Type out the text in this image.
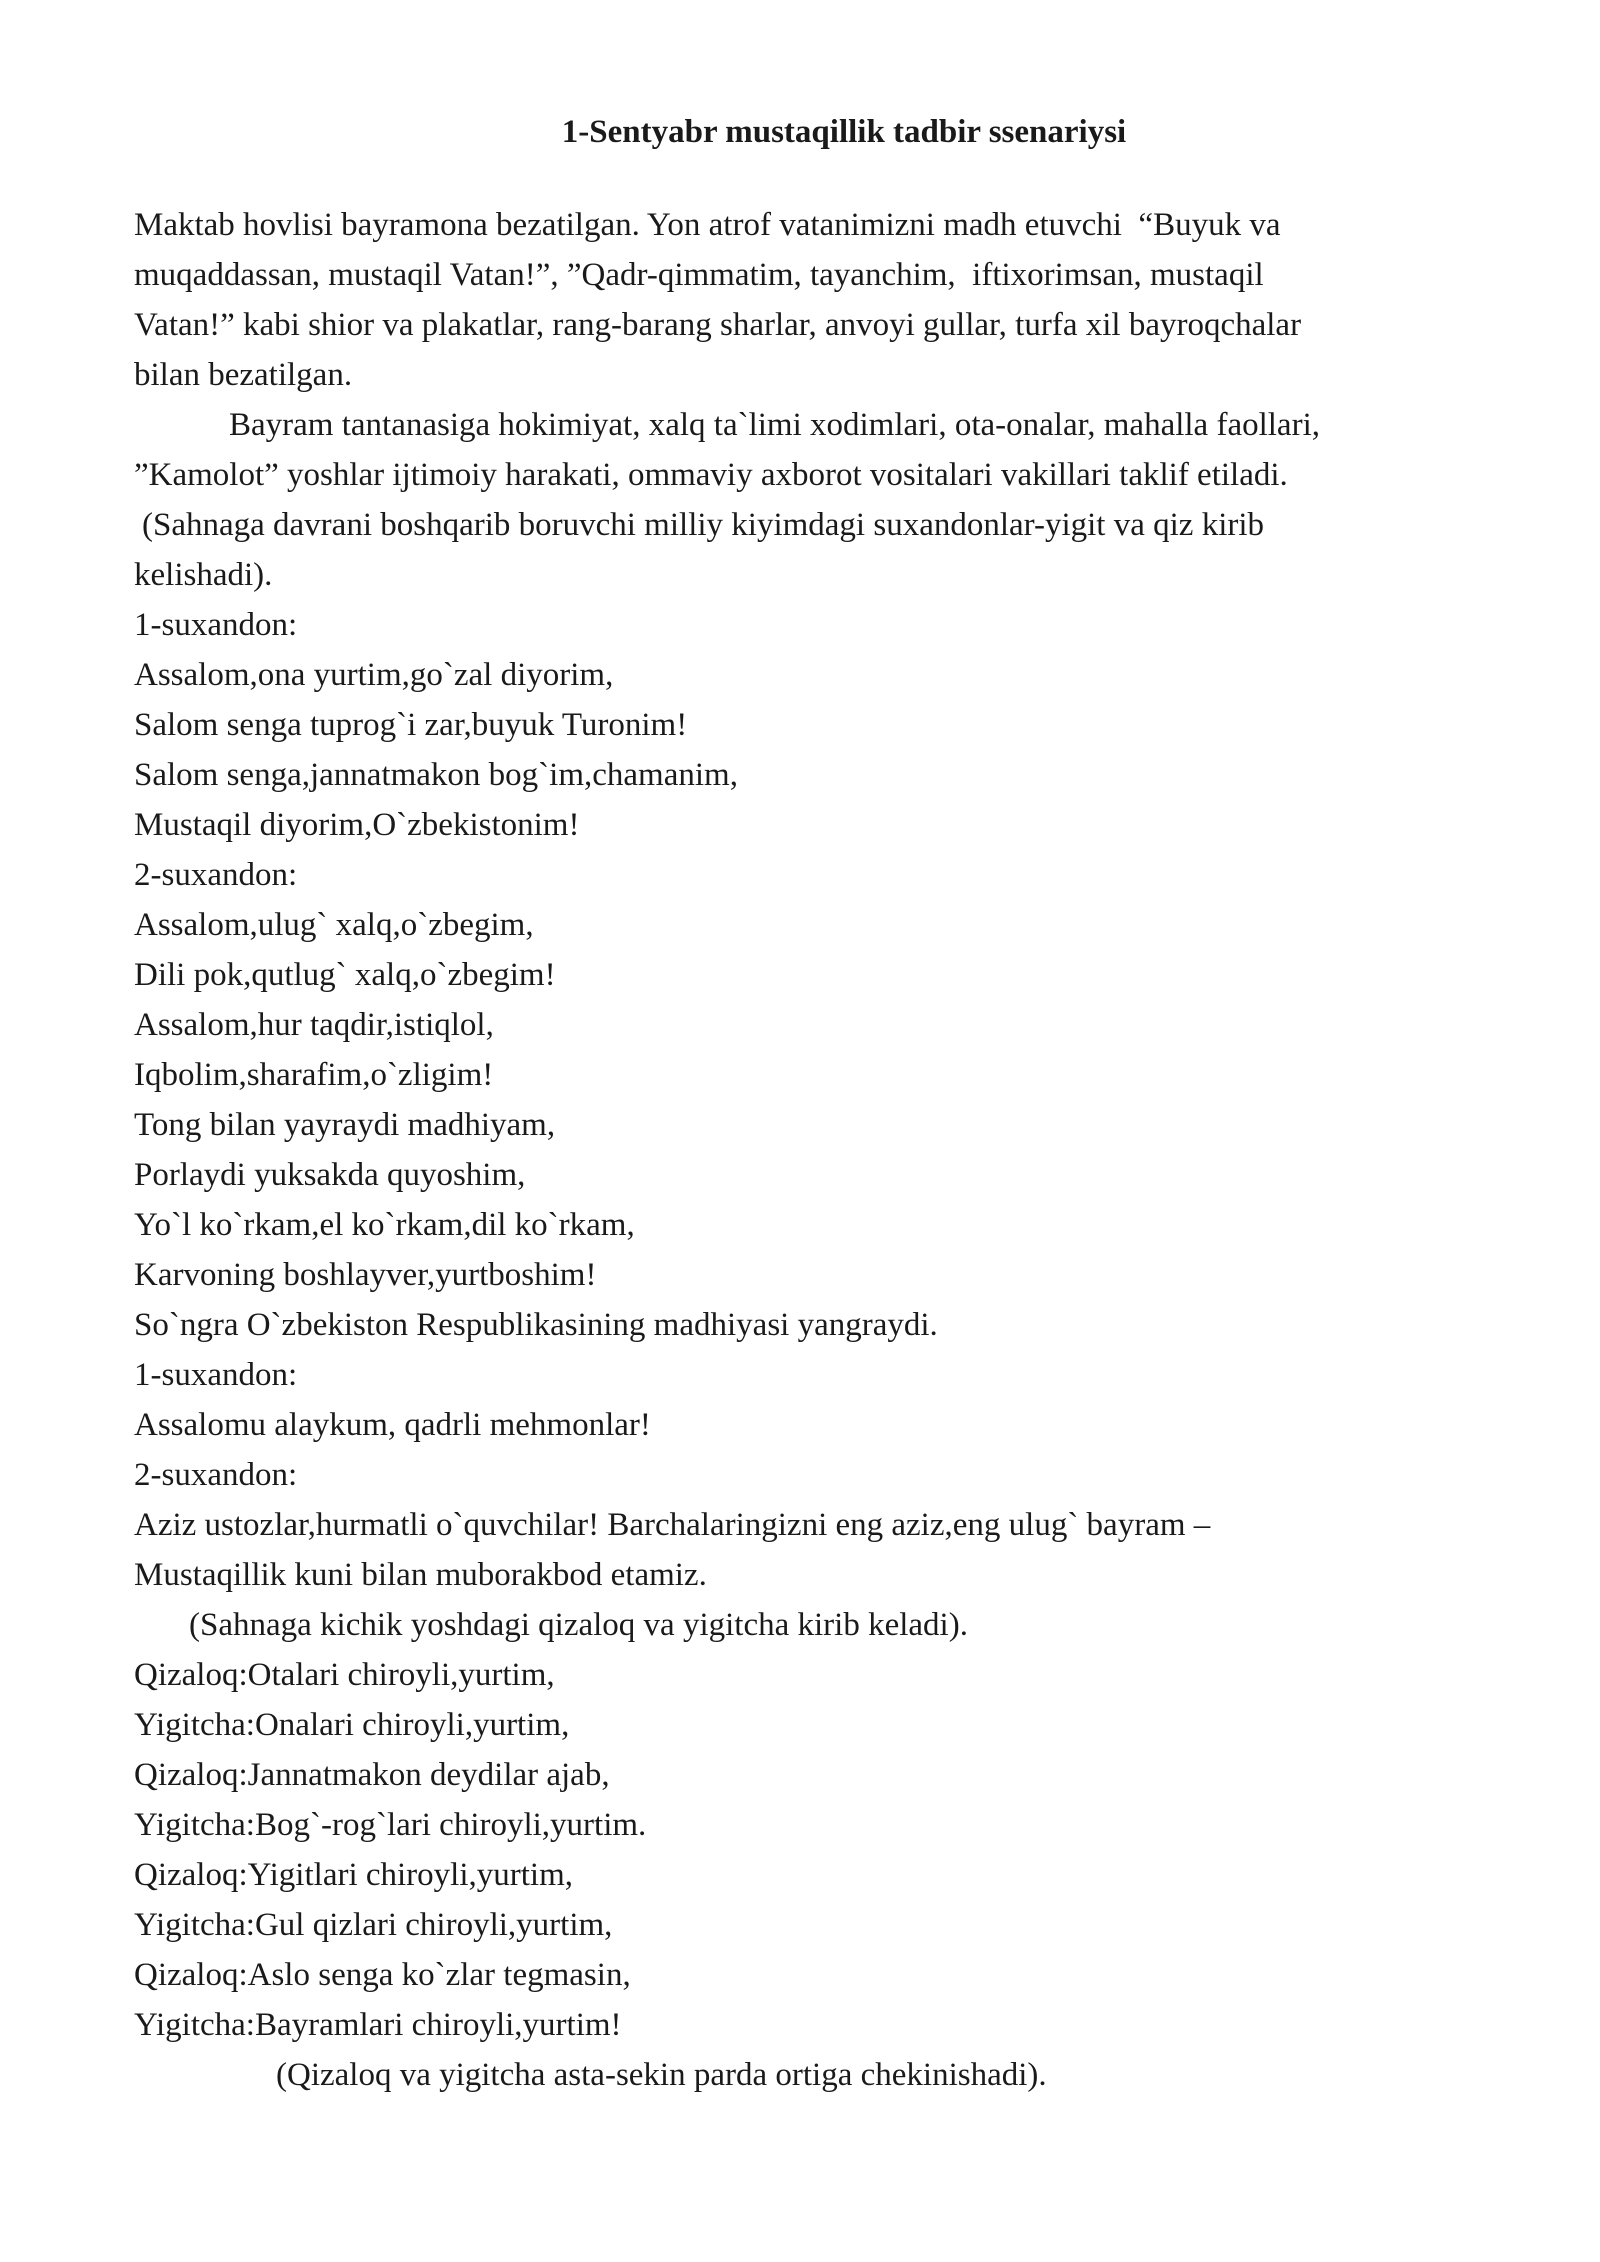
1-Sentyabr mustaqillik tadbir ssenariysi

Maktab hovlisi bayramona bezatilgan. Yon atrof vatanimizni madh etuvchi  “Buyuk va

muqaddassan, mustaqil Vatan!”, ”Qadr-qimmatim, tayanchim,  iftixorimsan, mustaqil

Vatan!” kabi shior va plakatlar, rang-barang sharlar, anvoyi gullar, turfa xil bayroqchalar

bilan bezatilgan.

Bayram tantanasiga hokimiyat, xalq ta`limi xodimlari, ota-onalar, mahalla faollari,

”Kamolot” yoshlar ijtimoiy harakati, ommaviy axborot vositalari vakillari taklif etiladi.

(Sahnaga davrani boshqarib boruvchi milliy kiyimdagi suxandonlar-yigit va qiz kirib

kelishadi).

1-suxandon:

Assalom,ona yurtim,go`zal diyorim,

Salom senga tuprog`i zar,buyuk Turonim!

Salom senga,jannatmakon bog`im,chamanim,

Mustaqil diyorim,O`zbekistonim!

2-suxandon:

Assalom,ulug` xalq,o`zbegim,

Dili pok,qutlug` xalq,o`zbegim!

Assalom,hur taqdir,istiqlol,

Iqbolim,sharafim,o`zligim!

Tong bilan yayraydi madhiyam,

Porlaydi yuksakda quyoshim,

Yo`l ko`rkam,el ko`rkam,dil ko`rkam,

Karvoning boshlayver,yurtboshim!

So`ngra O`zbekiston Respublikasining madhiyasi yangraydi.

1-suxandon:

Assalomu alaykum, qadrli mehmonlar!

2-suxandon:

Aziz ustozlar,hurmatli o`quvchilar! Barchalaringizni eng aziz,eng ulug` bayram –

Mustaqillik kuni bilan muborakbod etamiz.

(Sahnaga kichik yoshdagi qizaloq va yigitcha kirib keladi).

Qizaloq:Otalari chiroyli,yurtim,

Yigitcha:Onalari chiroyli,yurtim,

Qizaloq:Jannatmakon deydilar ajab,

Yigitcha:Bog`-rog`lari chiroyli,yurtim.

Qizaloq:Yigitlari chiroyli,yurtim,

Yigitcha:Gul qizlari chiroyli,yurtim,

Qizaloq:Aslo senga ko`zlar tegmasin,

Yigitcha:Bayramlari chiroyli,yurtim!

(Qizaloq va yigitcha asta-sekin parda ortiga chekinishadi).
